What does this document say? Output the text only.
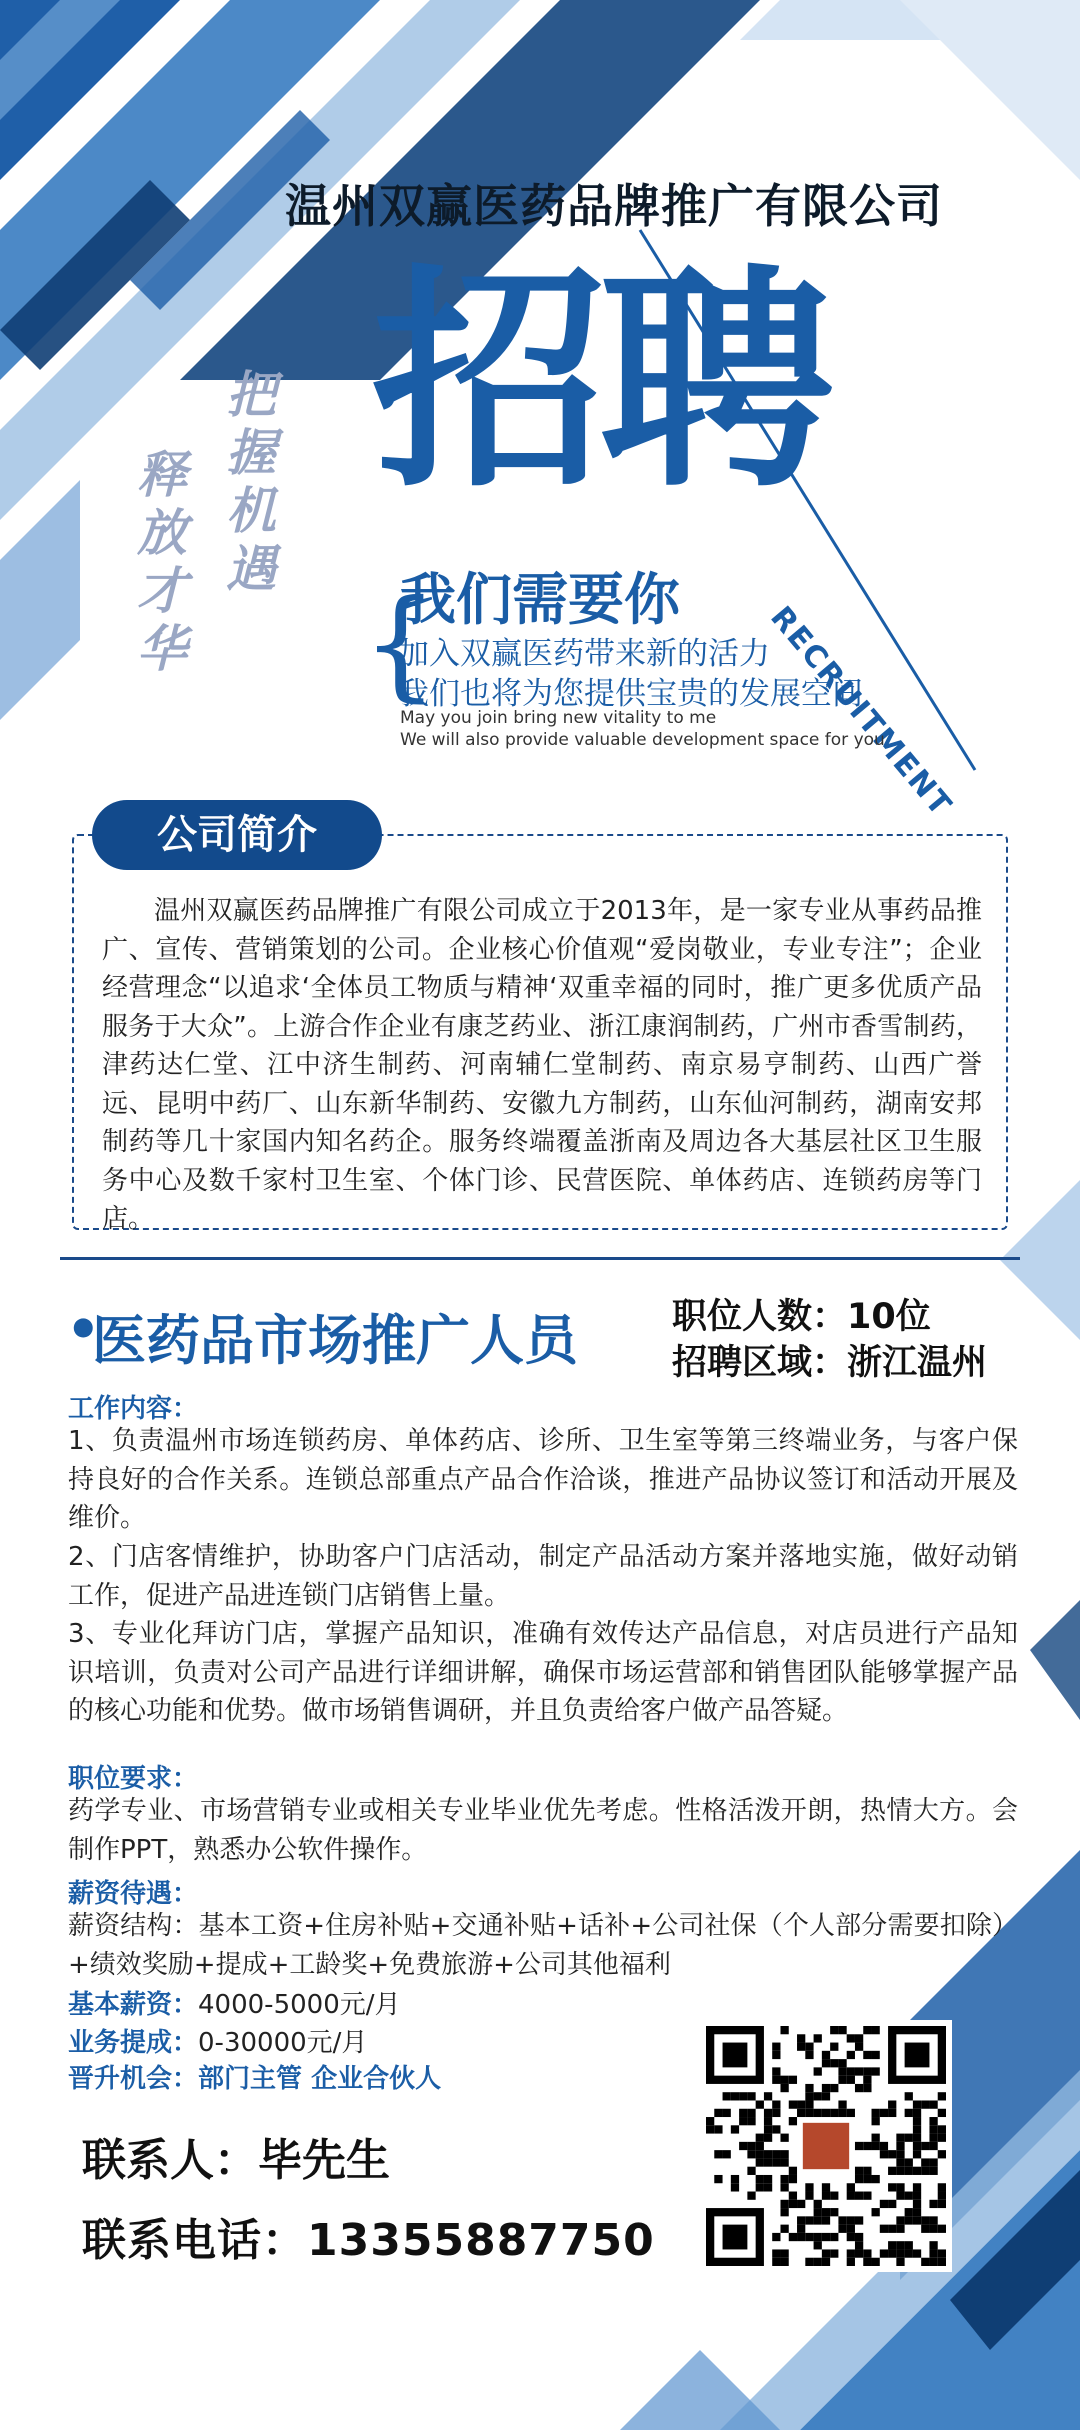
温州双赢医药品牌推广有限公司
招聘
RECRUITMENT
{
我们需要你
加入双赢医药带来新的活力
我们也将为您提供宝贵的发展空间
May you join bring new vitality to me
We will also provide valuable development space for you
把握机遇
释放才华
公司简介
温州双赢医药品牌推广有限公司成立于2013年，是一家专业从事药品推广、宣传、营销策划的公司。企业核心价值观“爱岗敬业，专业专注”；企业经营理念“以追求‘全体员工物质与精神‘双重幸福的同时，推广更多优质产品服务于大众”。上游合作企业有康芝药业、浙江康润制药，广州市香雪制药，津药达仁堂、江中济生制药、河南辅仁堂制药、南京易亨制药、山西广誉远、昆明中药厂、山东新华制药、安徽九方制药，山东仙河制药，湖南安邦制药等几十家国内知名药企。服务终端覆盖浙南及周边各大基层社区卫生服务中心及数千家村卫生室、个体门诊、民营医院、单体药店、连锁药房等门店。
•
医药品市场推广人员	职位人数：10位
招聘区域：浙江温州
工作内容：
1、负责温州市场连锁药房、单体药店、诊所、卫生室等第三终端业务，与客户保持良好的合作关系。连锁总部重点产品合作洽谈，推进产品协议签订和活动开展及维价。
2、门店客情维护，协助客户门店活动，制定产品活动方案并落地实施，做好动销工作，促进产品进连锁门店销售上量。
3、专业化拜访门店，掌握产品知识，准确有效传达产品信息，对店员进行产品知识培训，负责对公司产品进行详细讲解，确保市场运营部和销售团队能够掌握产品的核心功能和优势。做市场销售调研，并且负责给客户做产品答疑。
职位要求：
药学专业、市场营销专业或相关专业毕业优先考虑。性格活泼开朗，热情大方。会制作PPT，熟悉办公软件操作。
薪资待遇：
薪资结构：基本工资+住房补贴+交通补贴+话补+公司社保（个人部分需要扣除）+绩效奖励+提成+工龄奖+免费旅游+公司其他福利
基本薪资：4000-5000元/月
业务提成：0-30000元/月
晋升机会：部门主管 企业合伙人
联系人：毕先生
联系电话：13355887750
